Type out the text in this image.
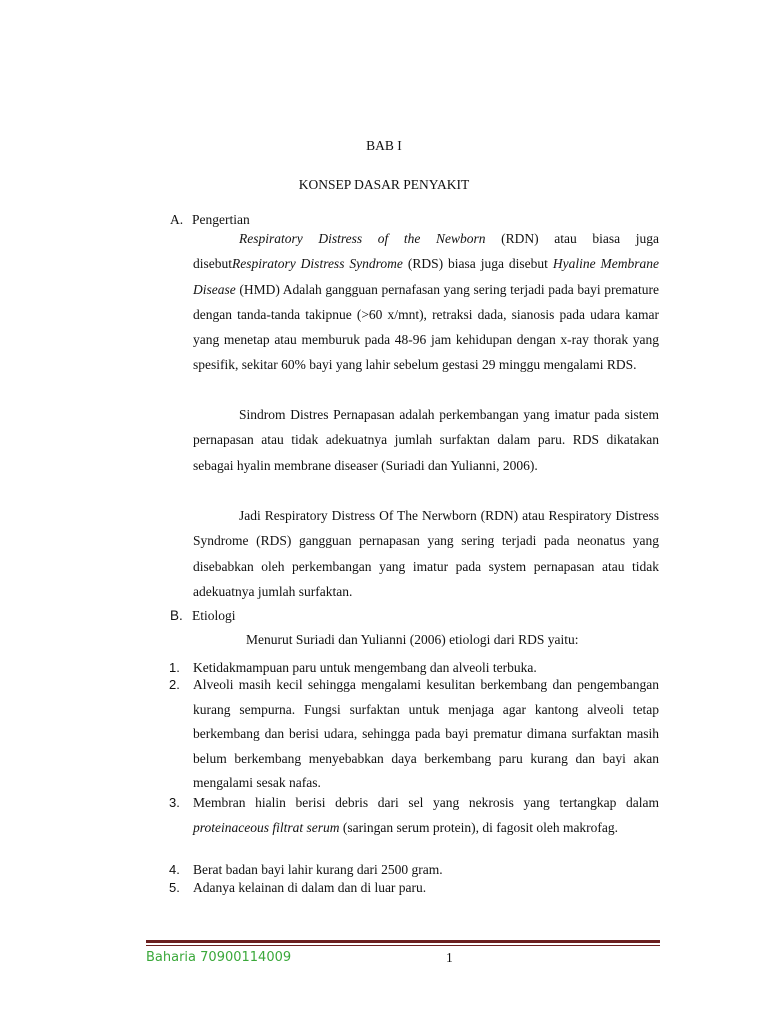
BAB I
KONSEP DASAR PENYAKIT
A. Pengertian
Respiratory Distress of the Newborn (RDN) atau biasa juga disebutRespiratory Distress Syndrome (RDS) biasa juga disebut Hyaline Membrane Disease (HMD) Adalah gangguan pernafasan yang sering terjadi pada bayi premature dengan tanda-tanda takipnue (>60 x/mnt), retraksi dada, sianosis pada udara kamar yang menetap atau memburuk pada 48-96 jam kehidupan dengan x-ray thorak yang spesifik, sekitar 60% bayi yang lahir sebelum gestasi 29 minggu mengalami RDS.
Sindrom Distres Pernapasan adalah perkembangan yang imatur pada sistem pernapasan atau tidak adekuatnya jumlah surfaktan dalam paru. RDS dikatakan sebagai hyalin membrane diseaser (Suriadi dan Yulianni, 2006).
Jadi Respiratory Distress Of The Nerwborn (RDN) atau Respiratory Distress Syndrome (RDS) gangguan pernapasan yang sering terjadi pada neonatus yang disebabkan oleh perkembangan yang imatur pada system pernapasan atau tidak adekuatnya jumlah surfaktan.
B. Etiologi
Menurut Suriadi dan Yulianni (2006) etiologi dari RDS yaitu:
1. Ketidakmampuan paru untuk mengembang dan alveoli terbuka.
2. Alveoli masih kecil sehingga mengalami kesulitan berkembang dan pengembangan kurang sempurna. Fungsi surfaktan untuk menjaga agar kantong alveoli tetap berkembang dan berisi udara, sehingga pada bayi prematur dimana surfaktan masih belum berkembang menyebabkan daya berkembang paru kurang dan bayi akan mengalami sesak nafas.
3. Membran hialin berisi debris dari sel yang nekrosis yang tertangkap dalam proteinaceous filtrat serum (saringan serum protein), di fagosit oleh makrofag.
4. Berat badan bayi lahir kurang dari 2500 gram.
5. Adanya kelainan di dalam dan di luar paru.
Baharia 70900114009	1
